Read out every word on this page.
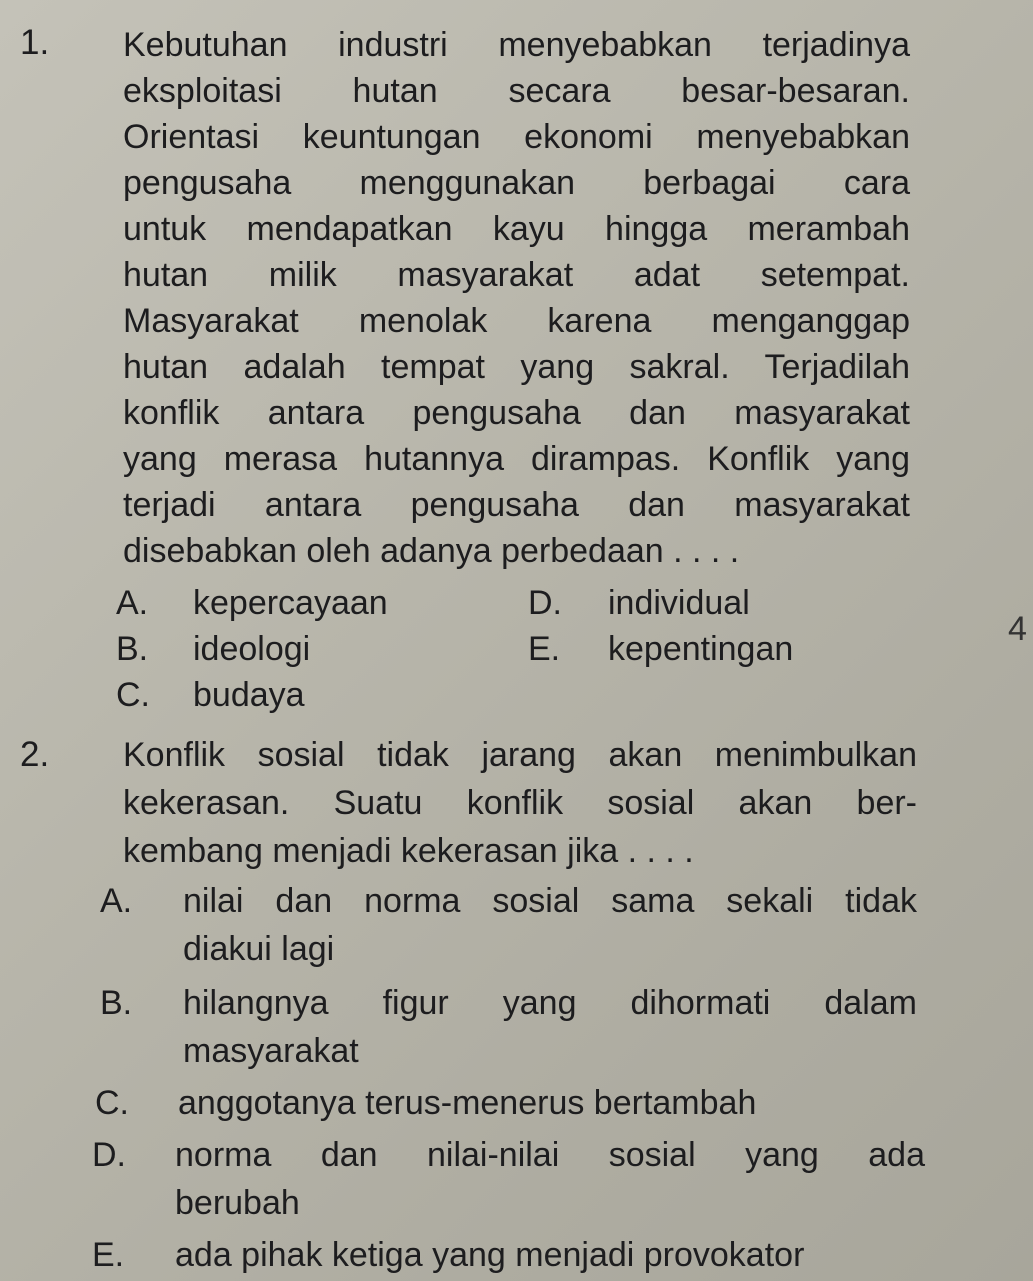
1. Kebutuhan industri menyebabkan terjadinya
eksploitasi hutan secara besar-besaran.
Orientasi keuntungan ekonomi menyebabkan
pengusaha menggunakan berbagai cara
untuk mendapatkan kayu hingga merambah
hutan milik masyarakat adat setempat.
Masyarakat menolak karena menganggap
hutan adalah tempat yang sakral. Terjadilah
konflik antara pengusaha dan masyarakat
yang merasa hutannya dirampas. Konflik yang
terjadi antara pengusaha dan masyarakat
disebabkan oleh adanya perbedaan . . . .
A. kepercayaan
B. ideologi
C. budaya
D. individual
E. kepentingan
4
2. Konflik sosial tidak jarang akan menimbulkan
kekerasan. Suatu konflik sosial akan ber-
kembang menjadi kekerasan jika . . . .
A. nilai dan norma sosial sama sekali tidak
diakui lagi
B. hilangnya figur yang dihormati dalam
masyarakat
C. anggotanya terus-menerus bertambah
D. norma dan nilai-nilai sosial yang ada
berubah
E. ada pihak ketiga yang menjadi provokator
